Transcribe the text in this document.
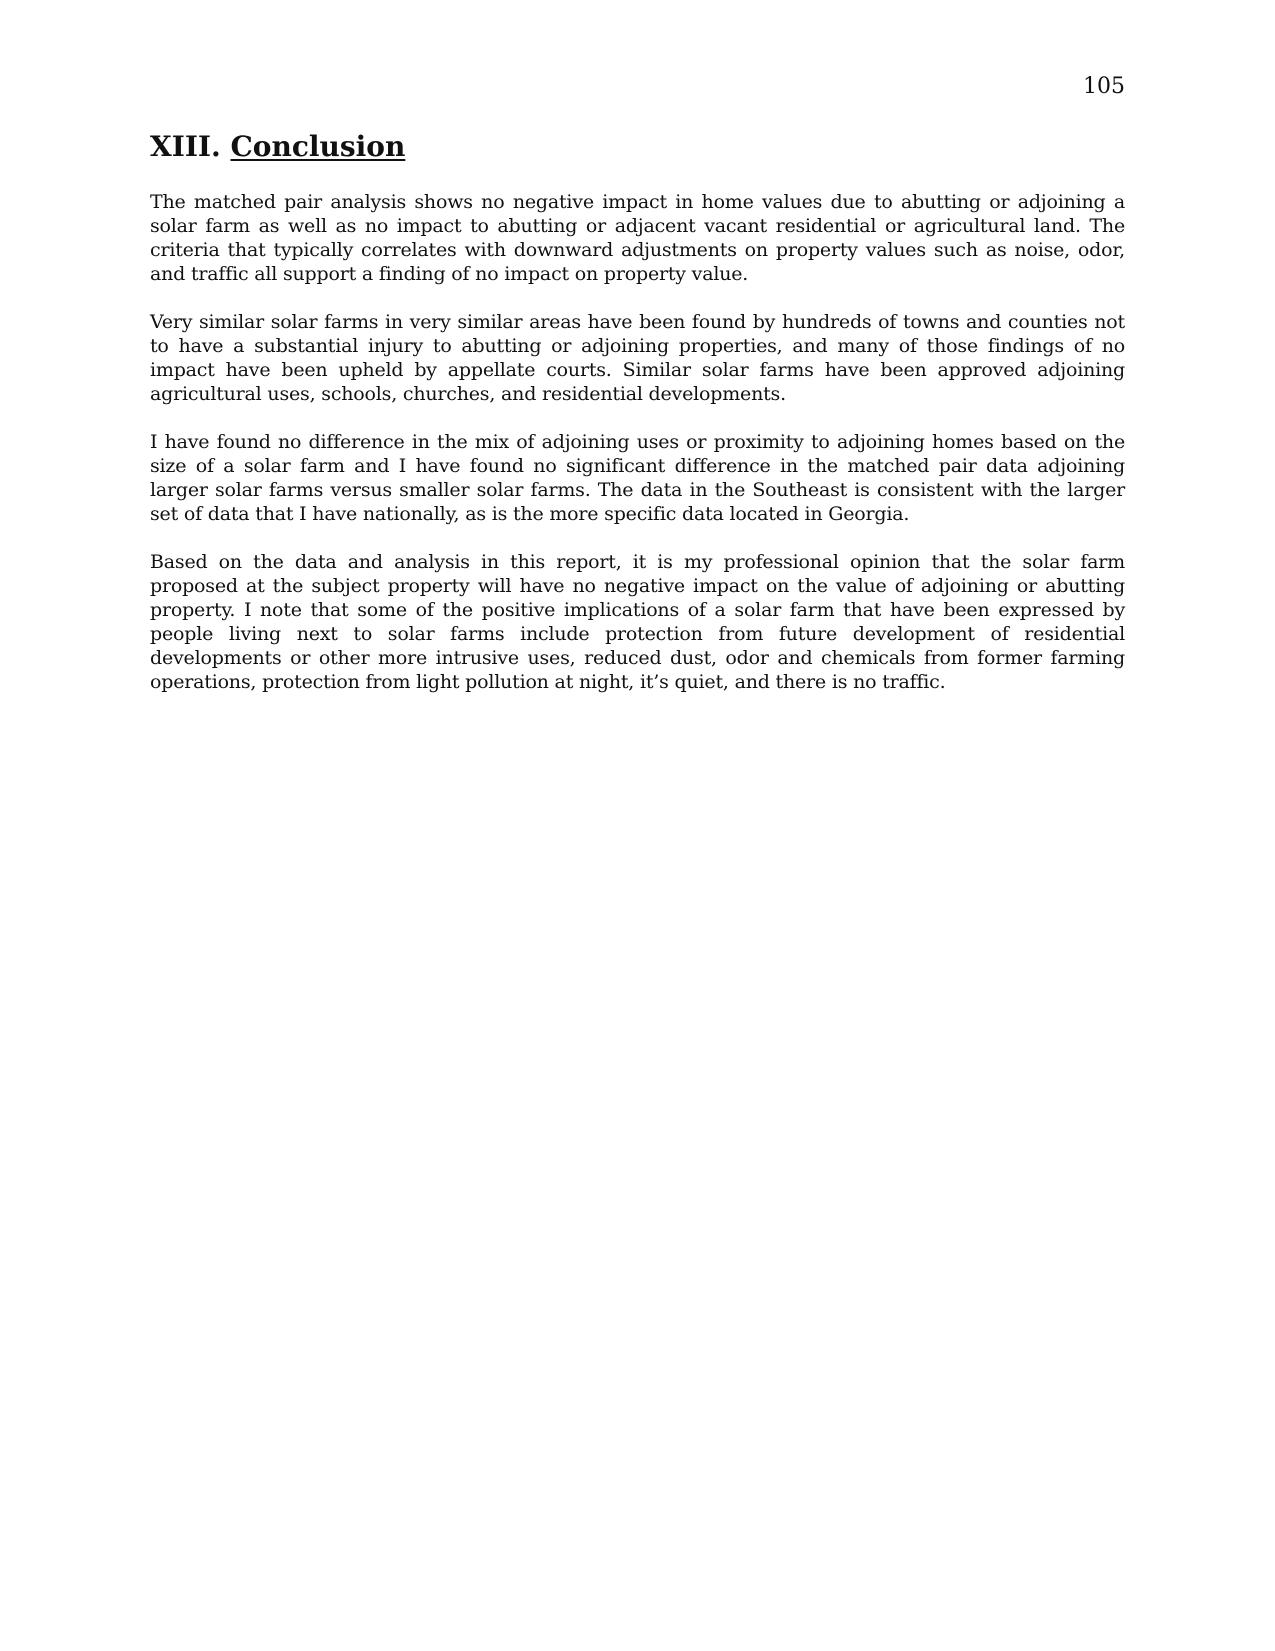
105
XIII. Conclusion

The matched pair analysis shows no negative impact in home values due to abutting or adjoining a solar farm as well as no impact to abutting or adjacent vacant residential or agricultural land. The criteria that typically correlates with downward adjustments on property values such as noise, odor, and traffic all support a finding of no impact on property value.

Very similar solar farms in very similar areas have been found by hundreds of towns and counties not to have a substantial injury to abutting or adjoining properties, and many of those findings of no impact have been upheld by appellate courts. Similar solar farms have been approved adjoining agricultural uses, schools, churches, and residential developments.

I have found no difference in the mix of adjoining uses or proximity to adjoining homes based on the size of a solar farm and I have found no significant difference in the matched pair data adjoining larger solar farms versus smaller solar farms. The data in the Southeast is consistent with the larger set of data that I have nationally, as is the more specific data located in Georgia.

Based on the data and analysis in this report, it is my professional opinion that the solar farm proposed at the subject property will have no negative impact on the value of adjoining or abutting property. I note that some of the positive implications of a solar farm that have been expressed by people living next to solar farms include protection from future development of residential developments or other more intrusive uses, reduced dust, odor and chemicals from former farming operations, protection from light pollution at night, it’s quiet, and there is no traffic.
